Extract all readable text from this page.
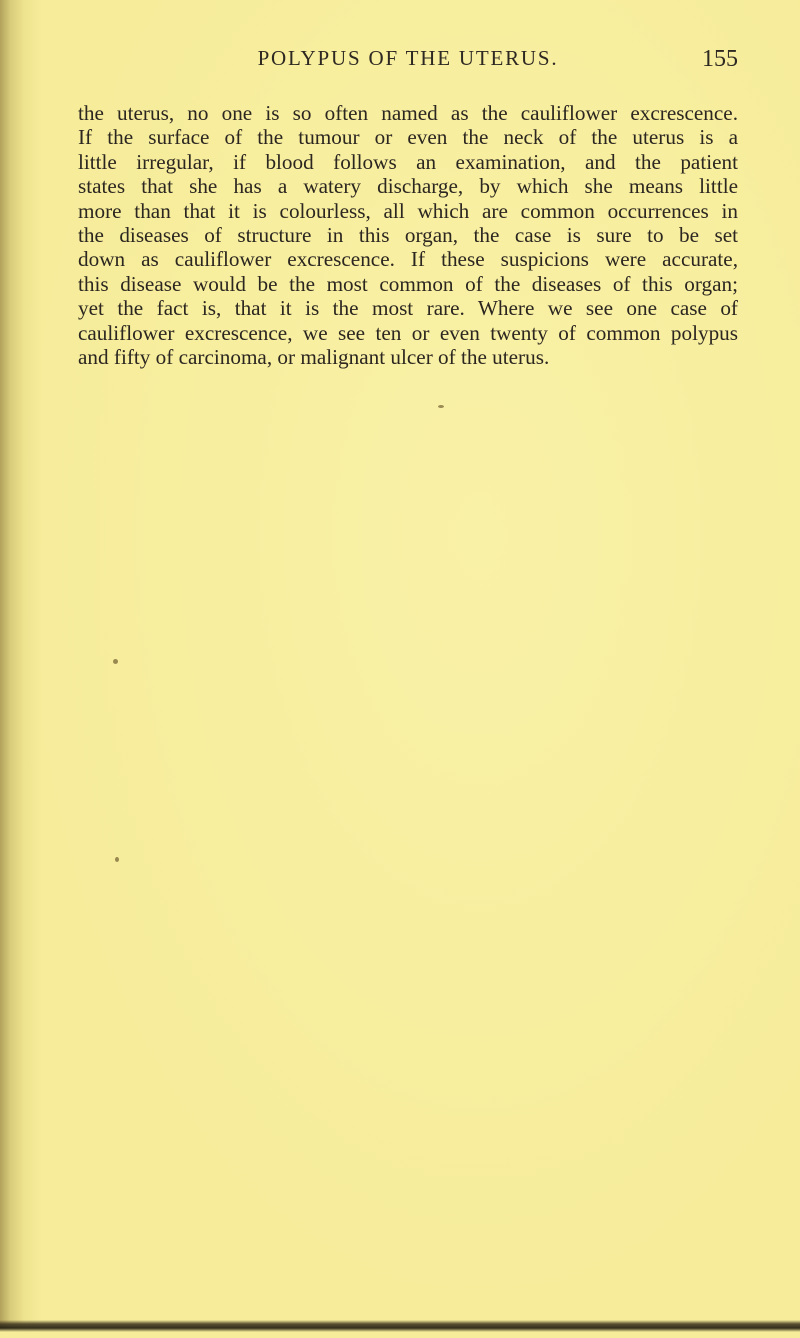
POLYPUS OF THE UTERUS.	155
the uterus, no one is so often named as the cauliflower excrescence.
If the surface of the tumour or even the neck of the uterus is a
little irregular, if blood follows an examination, and the patient
states that she has a watery discharge, by which she means little
more than that it is colourless, all which are common occurrences in
the diseases of structure in this organ, the case is sure to be set
down as cauliflower excrescence. If these suspicions were accurate,
this disease would be the most common of the diseases of this organ;
yet the fact is, that it is the most rare. Where we see one case of
cauliflower excrescence, we see ten or even twenty of common polypus
and fifty of carcinoma, or malignant ulcer of the uterus.
